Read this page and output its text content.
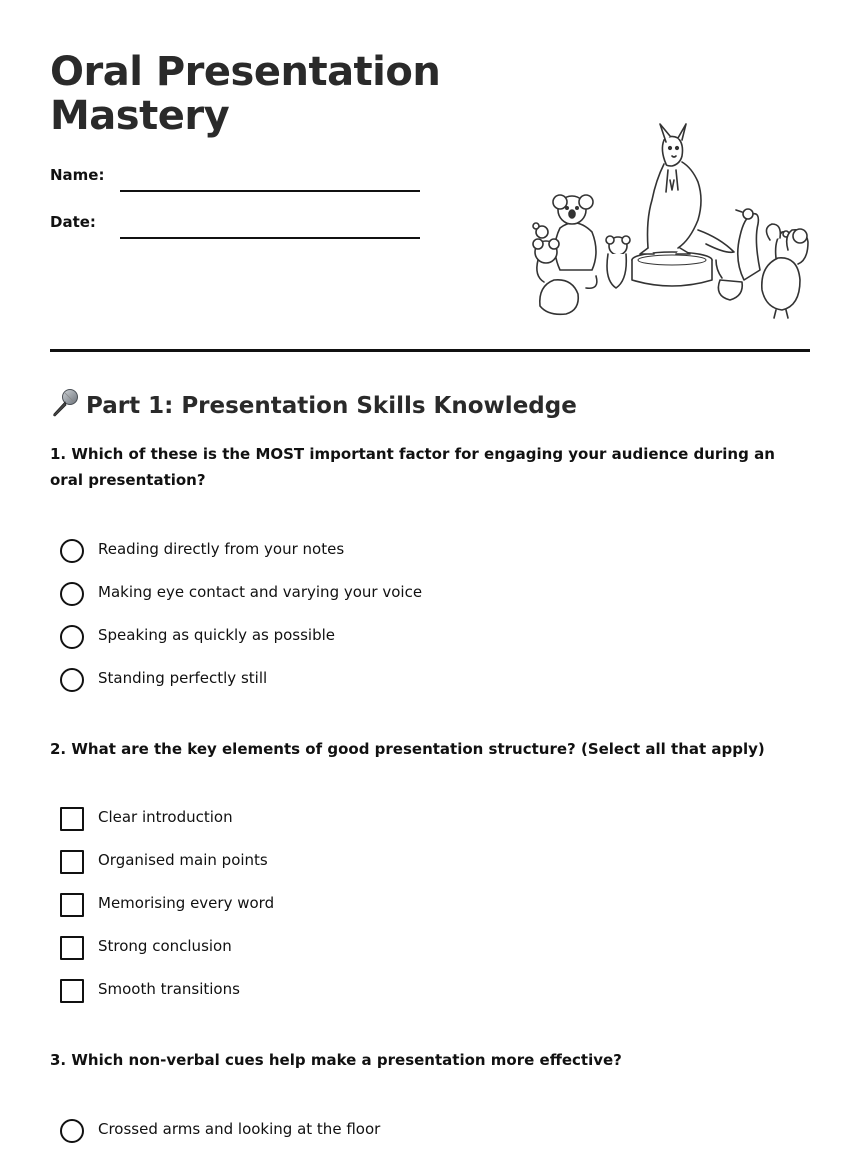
Oral Presentation Mastery
Name:
Date:
Part 1: Presentation Skills Knowledge
1. Which of these is the MOST important factor for engaging your audience during an oral presentation?
Reading directly from your notes
Making eye contact and varying your voice
Speaking as quickly as possible
Standing perfectly still
2. What are the key elements of good presentation structure? (Select all that apply)
Clear introduction
Organised main points
Memorising every word
Strong conclusion
Smooth transitions
3. Which non-verbal cues help make a presentation more effective?
Crossed arms and looking at the floor
